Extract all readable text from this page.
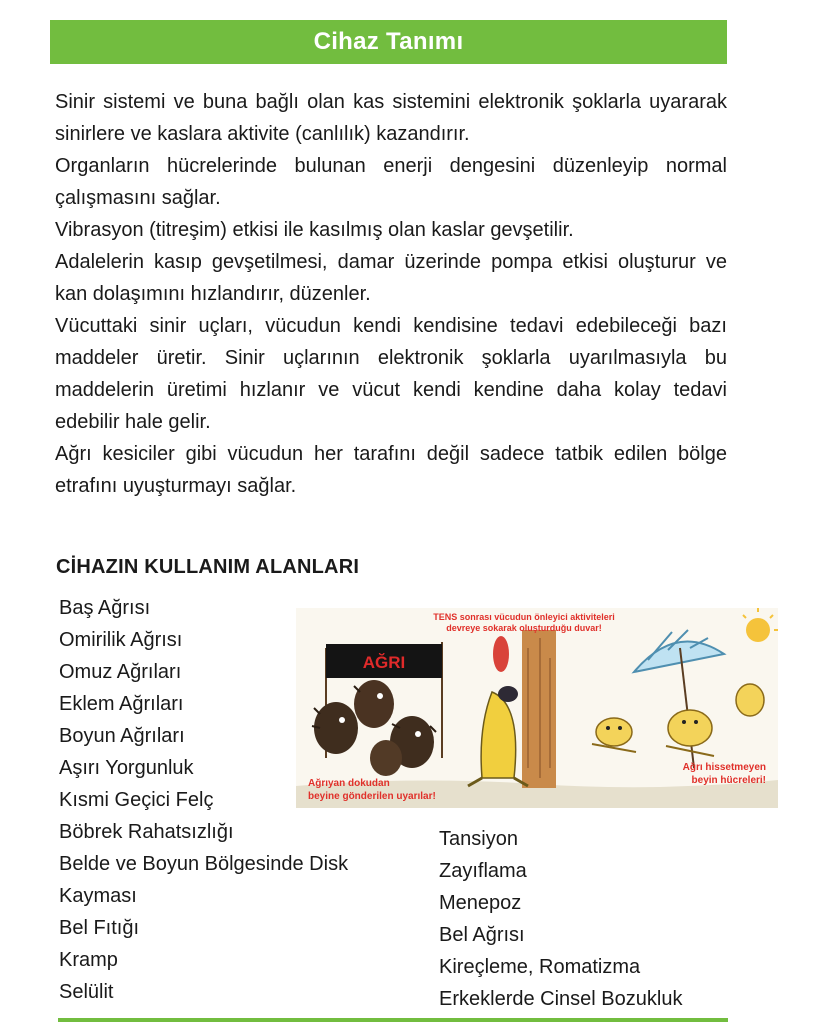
Cihaz Tanımı

Sinir sistemi ve buna bağlı olan kas sistemini elektronik şoklarla uyararak sinirlere ve kaslara aktivite (canlılık) kazandırır.

Organların hücrelerinde bulunan enerji dengesini düzenleyip normal çalışmasını sağlar.

Vibrasyon (titreşim) etkisi ile kasılmış olan kaslar gevşetilir.

Adalelerin kasıp gevşetilmesi, damar üzerinde pompa etkisi oluşturur ve kan dolaşımını hızlandırır, düzenler.

Vücuttaki sinir uçları, vücudun kendi kendisine tedavi edebileceği bazı maddeler üretir. Sinir uçlarının elektronik şoklarla uyarılmasıyla bu maddelerin üretimi hızlanır ve vücut kendi kendine daha kolay tedavi edebilir hale gelir.

Ağrı kesiciler gibi vücudun her tarafını değil sadece tatbik edilen bölge etrafını uyuşturmayı sağlar.

CİHAZIN KULLANIM ALANLARI
Baş Ağrısı
Omirilik Ağrısı
Omuz Ağrıları
Eklem Ağrıları
Boyun Ağrıları
Aşırı Yorgunluk
Kısmi Geçici Felç
Böbrek Rahatsızlığı
Belde ve Boyun Bölgesinde Disk
Kayması
Bel Fıtığı
Kramp
Selülit
Tansiyon
Zayıflama
Menepoz
Bel Ağrısı
Kireçleme, Romatizma
Erkeklerde Cinsel Bozukluk
AĞRI
TENS sonrası vücudun önleyici aktiviteleri
devreye sokarak oluşturduğu duvar!
Ağrıyan dokudan
beyine gönderilen uyarılar!
Ağrı hissetmeyen
beyin hücreleri!
